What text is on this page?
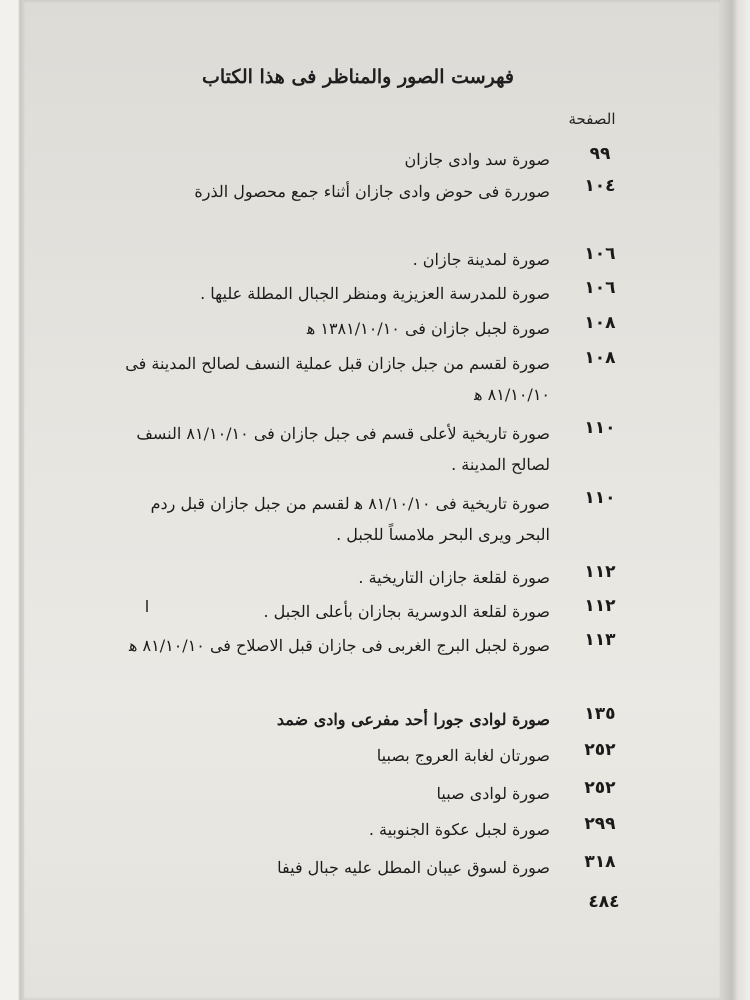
فهرست الصور والمناظر فى هذا الكتاب
الصفحة
٩٩
صورة سد وادى جازان
١٠٤
صوررة فى حوض وادى جازان أثناء جمع محصول الذرة
١٠٦
صورة لمدينة جازان .
١٠٦
صورة للمدرسة العزيزية ومنظر الجبال المطلة عليها .
١٠٨
صورة لجبل جازان فى ١٣٨١/١٠/١٠ ﻫ
١٠٨
صورة لقسم من جبل جازان قبل عملية النسف لصالح المدينة فى ٨١/١٠/١٠ ﻫ
١١٠
صورة تاريخية لأعلى قسم فى جبل جازان فى ٨١/١٠/١٠ النسف لصالح المدينة .
١١٠
صورة تاريخية فى ٨١/١٠/١٠ ﻫ لقسم من جبل جازان قبل ردم البحر ويرى البحر ملامساً للجبل .
١١٢
صورة لقلعة جازان التاريخية .
١١٢
صورة لقلعة الدوسرية بجازان بأعلى الجبل .
١١٣
صورة لجبل البرج الغربى فى جازان قبل الاصلاح فى ٨١/١٠/١٠ ﻫ
١٣٥
صورة لوادى جورا أحد مفرعى وادى ضمد
٢٥٢
صورتان لغابة العروج بصبيا
٢٥٢
صورة لوادى صبيا
٢٩٩
صورة لجبل عكوة الجنوبية .
٣١٨
صورة لسوق عيبان المطل عليه جبال فيفا
٤٨٤
